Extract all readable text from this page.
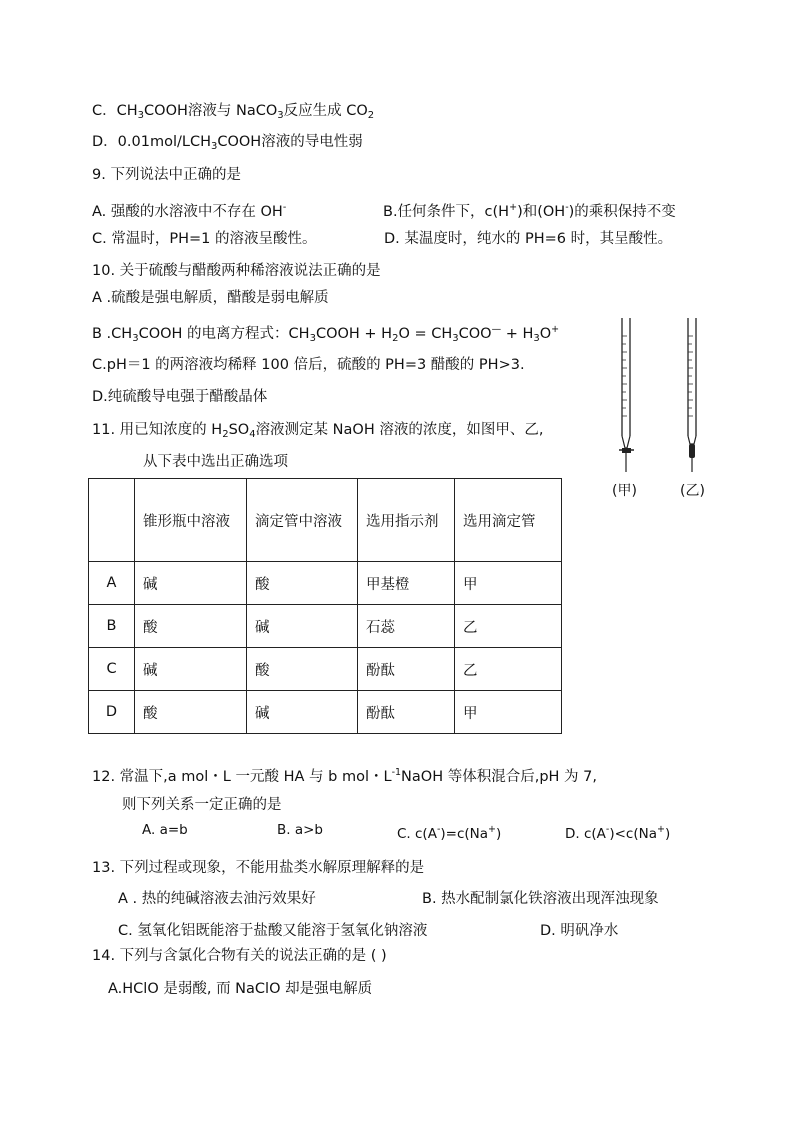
C．$CH_3COOH$溶液与 NaCO$_3$反应生成 $CO_2$
D．$0.01mol/LCH_3COOH$溶液的导电性弱
9. 下列说法中正确的是
A. 强酸的水溶液中不存在 OH-	B.任何条件下，c(H+)和(OH-)的乘积保持不变
C. 常温时，PH=1 的溶液呈酸性。	D. 某温度时，纯水的 PH=6 时，其呈酸性。
10. 关于硫酸与醋酸两种稀溶液说法正确的是
A .硫酸是强电解质，醋酸是弱电解质
B $.CH_3COOH$ 的电离方程式：$CH_3COOH + H_2O = CH_3COO^— + H_3O^+$
C.pH＝1 的两溶液均稀释 100 倍后，硫酸的 PH=3 醋酸的 PH>3.
D.纯硫酸导电强于醋酸晶体
11. 用已知浓度的 $H_2SO_4$溶液测定某 NaOH 溶液的浓度，如图甲、乙,
从下表中选出正确选项
(甲)	(乙)
	锥形瓶中溶液	滴定管中溶液	选用指示剂	选用滴定管
A	碱	酸	甲基橙	甲
B	酸	碱	石蕊	乙
C	碱	酸	酚酞	乙
D	酸	碱	酚酞	甲
12. 常温下,a mol・L 一元酸 HA 与 b mol・$L^{-1}NaOH$ 等体积混合后,pH 为 7,
则下列关系一定正确的是
A. a=b	B. a>b	C. c(A-)=c(Na+)	D. c(A-)<c(Na+)
13. 下列过程或现象，不能用盐类水解原理解释的是
A . 热的纯碱溶液去油污效果好	B. 热水配制氯化铁溶液出现浑浊现象
C. 氢氧化铝既能溶于盐酸又能溶于氢氧化钠溶液	D. 明矾净水
14. 下列与含氯化合物有关的说法正确的是 ( )
A.HClO 是弱酸, 而 NaClO 却是强电解质
